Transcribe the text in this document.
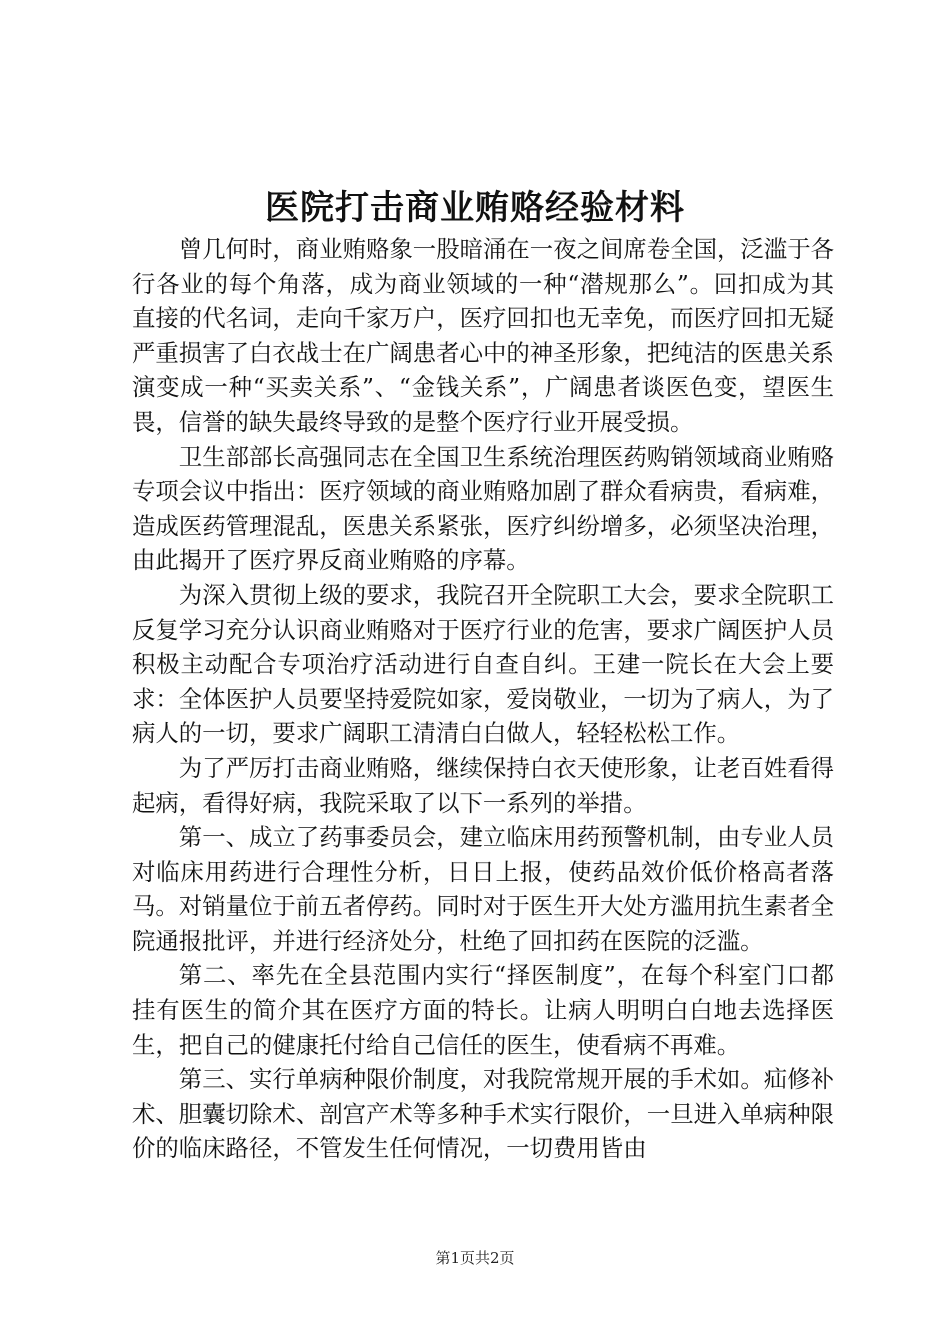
医院打击商业贿赂经验材料

曾几何时，商业贿赂象一股暗涌在一夜之间席卷全国，泛滥于各行各业的每个角落，成为商业领域的一种“潜规那么”。回扣成为其直接的代名词，走向千家万户，医疗回扣也无幸免，而医疗回扣无疑严重损害了白衣战士在广阔患者心中的神圣形象，把纯洁的医患关系演变成一种“买卖关系”、“金钱关系”，广阔患者谈医色变，望医生畏，信誉的缺失最终导致的是整个医疗行业开展受损。

卫生部部长高强同志在全国卫生系统治理医药购销领域商业贿赂专项会议中指出：医疗领域的商业贿赂加剧了群众看病贵，看病难，造成医药管理混乱，医患关系紧张，医疗纠纷增多，必须坚决治理，由此揭开了医疗界反商业贿赂的序幕。

为深入贯彻上级的要求，我院召开全院职工大会，要求全院职工反复学习充分认识商业贿赂对于医疗行业的危害，要求广阔医护人员积极主动配合专项治疗活动进行自查自纠。王建一院长在大会上要求：全体医护人员要坚持爱院如家，爱岗敬业，一切为了病人，为了病人的一切，要求广阔职工清清白白做人，轻轻松松工作。

为了严厉打击商业贿赂，继续保持白衣天使形象，让老百姓看得起病，看得好病，我院采取了以下一系列的举措。

第一、成立了药事委员会，建立临床用药预警机制，由专业人员对临床用药进行合理性分析，日日上报，使药品效价低价格高者落马。对销量位于前五者停药。同时对于医生开大处方滥用抗生素者全院通报批评，并进行经济处分，杜绝了回扣药在医院的泛滥。

第二、率先在全县范围内实行“择医制度”，在每个科室门口都挂有医生的简介其在医疗方面的特长。让病人明明白白地去选择医生，把自己的健康托付给自己信任的医生，使看病不再难。

第三、实行单病种限价制度，对我院常规开展的手术如。疝修补术、胆囊切除术、剖宫产术等多种手术实行限价，一旦进入单病种限价的临床路径，不管发生任何情况，一切费用皆由

第1页共2页
